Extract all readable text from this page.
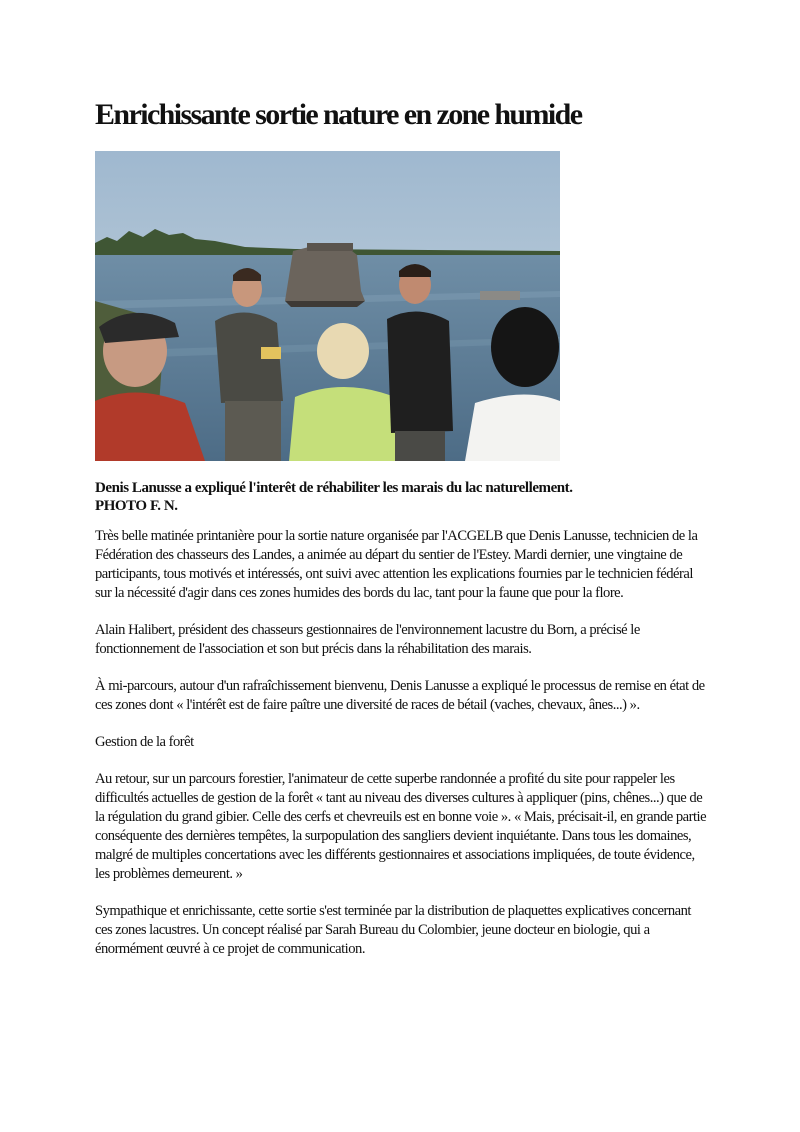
Enrichissante sortie nature en zone humide
Denis Lanusse a expliqué l'interêt de réhabiliter les marais du lac naturellement.
PHOTO F. N.

Très belle matinée printanière pour la sortie nature organisée par l'ACGELB que Denis Lanusse, technicien de la Fédération des chasseurs des Landes, a animée au départ du sentier de l'Estey. Mardi dernier, une vingtaine de participants, tous motivés et intéressés, ont suivi avec attention les explications fournies par le technicien fédéral sur la nécessité d'agir dans ces zones humides des bords du lac, tant pour la faune que pour la flore.

Alain Halibert, président des chasseurs gestionnaires de l'environnement lacustre du Born, a précisé le fonctionnement de l'association et son but précis dans la réhabilitation des marais.

À mi-parcours, autour d'un rafraîchissement bienvenu, Denis Lanusse a expliqué le processus de remise en état de ces zones dont « l'intérêt est de faire paître une diversité de races de bétail (vaches, chevaux, ânes...) ».

Gestion de la forêt

Au retour, sur un parcours forestier, l'animateur de cette superbe randonnée a profité du site pour rappeler les difficultés actuelles de gestion de la forêt « tant au niveau des diverses cultures à appliquer (pins, chênes...) que de la régulation du grand gibier. Celle des cerfs et chevreuils est en bonne voie ». « Mais, précisait-il, en grande partie conséquente des dernières tempêtes, la surpopulation des sangliers devient inquiétante. Dans tous les domaines, malgré de multiples concertations avec les différents gestionnaires et associations impliquées, de toute évidence, les problèmes demeurent. »

Sympathique et enrichissante, cette sortie s'est terminée par la distribution de plaquettes explicatives concernant ces zones lacustres. Un concept réalisé par Sarah Bureau du Colombier, jeune docteur en biologie, qui a énormément œuvré à ce projet de communication.
